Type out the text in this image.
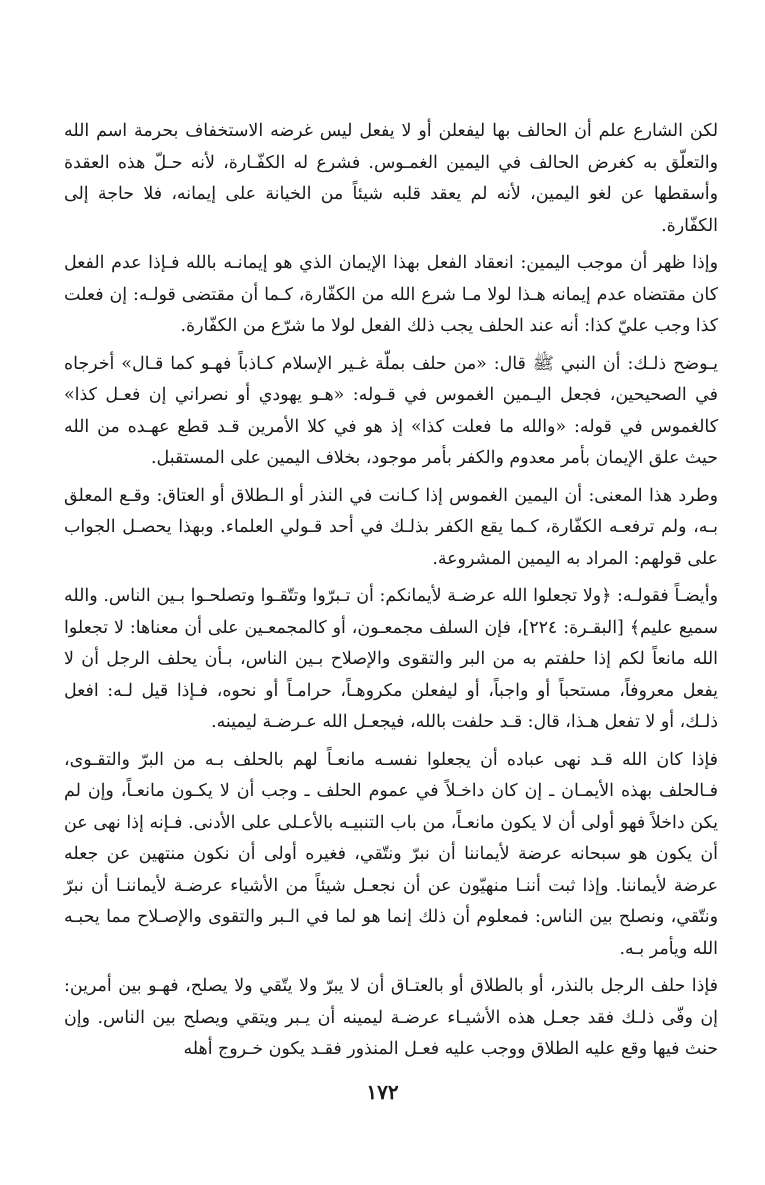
لكن الشارع علم أن الحالف بها ليفعلن أو لا يفعل ليس غرضه الاستخفاف بحرمة اسم الله والتعلّق به كغرض الحالف في اليمين الغمـوس. فشرع له الكفّـارة، لأنه حـلّ هذه العقدة وأسقطها عن لغو اليمين، لأنه لم يعقد قلبه شيئاً من الخيانة على إيمانه، فلا حاجة إلى الكفّارة.

وإذا ظهر أن موجب اليمين: انعقاد الفعل بهذا الإيمان الذي هو إيمانـه بالله فـإذا عدم الفعل كان مقتضاه عدم إيمانه هـذا لولا مـا شرع الله من الكفّارة، كـما أن مقتضى قولـه: إن فعلت كذا وجب عليّ كذا: أنه عند الحلف يجب ذلك الفعل لولا ما شرّع من الكفّارة.

يـوضح ذلـك: أن النبي ﷺ قال: «من حلف بملّة غـير الإسلام كـاذباً فهـو كما قـال» أخرجاه في الصحيحين، فجعل اليـمين الغموس في قـوله: «هـو يهودي أو نصراني إن فعـل كذا» كالغموس في قوله: «والله ما فعلت كذا» إذ هو في كلا الأمرين قـد قطع عهـده من الله حيث علق الإيمان بأمر معدوم والكفر بأمر موجود، بخلاف اليمين على المستقبل.

وطرد هذا المعنى: أن اليمين الغموس إذا كـانت في النذر أو الـطلاق أو العتاق: وقـع المعلق بـه، ولم ترفعـه الكفّارة، كـما يقع الكفر بذلـك في أحد قـولي العلماء. وبهذا يحصـل الجواب على قولهم: المراد به اليمين المشروعة.

وأيضـاً فقولـه: ﴿ولا تجعلوا الله عرضـة لأيمانكم: أن تـبرّوا وتتّقـوا وتصلحـوا بـين الناس. والله سميع عليم﴾ [البقـرة: ٢٢٤]، فإن السلف مجمعـون، أو كالمجمعـين على أن معناها: لا تجعلوا الله مانعاً لكم إذا حلفتم به من البر والتقوى والإصلاح بـين الناس، بـأن يحلف الرجل أن لا يفعل معروفاً، مستحباً أو واجباً، أو ليفعلن مكروهـاً، حرامـاً أو نحوه، فـإذا قيل لـه: افعل ذلـك، أو لا تفعل هـذا، قال: قـد حلفت بالله، فيجعـل الله عـرضـة ليمينه.

فإذا كان الله قـد نهى عباده أن يجعلوا نفسـه مانعـاً لهم بالحلف بـه من البرّ والتقـوى، فـالحلف بهذه الأيمـان ـ إن كان داخـلاً في عموم الحلف ـ وجب أن لا يكـون مانعـاً، وإن لم يكن داخلاً فهو أولى أن لا يكون مانعـاً، من باب التنبيـه بالأعـلى على الأدنى. فـإنه إذا نهى عن أن يكون هو سبحانه عرضة لأيماننا أن نبرّ ونتّقي، فغيره أولى أن نكون منتهين عن جعله عرضة لأيماننا. وإذا ثبت أننـا منهيّون عن أن نجعـل شيئاً من الأشياء عرضـة لأيماننـا أن نبرّ ونتّقي، ونصلح بين الناس: فمعلوم أن ذلك إنما هو لما في الـبر والتقوى والإصـلاح مما يحبـه الله ويأمر بـه.

فإذا حلف الرجل بالنذر، أو بالطلاق أو بالعتـاق أن لا يبرّ ولا يتّقي ولا يصلح، فهـو بين أمرين: إن وفّى ذلـك فقد جعـل هذه الأشيـاء عرضـة ليمينه أن يـبر ويتقي ويصلح بين الناس. وإن حنث فيها وقع عليه الطلاق ووجب عليه فعـل المنذور فقـد يكون خـروج أهله

١٧٢
